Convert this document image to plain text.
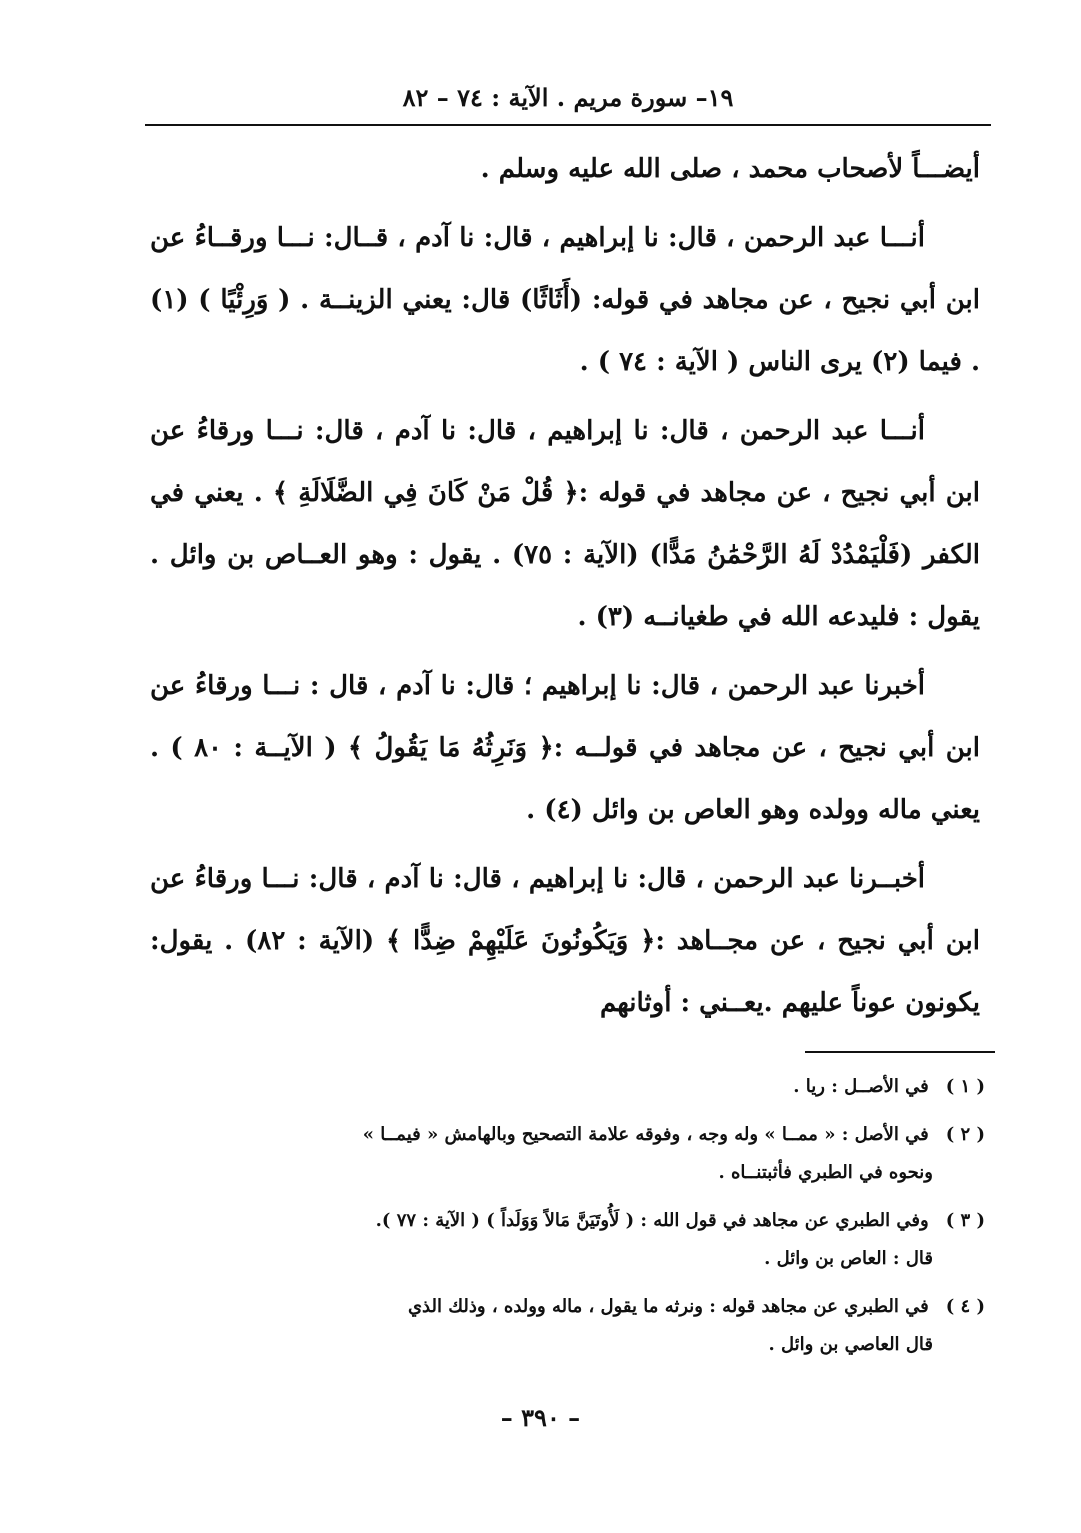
١٩– سورة مريم . الآية : ٧٤ – ٨٢

أيضـــاً لأصحاب محمد ، صلى الله عليه وسلم .

أنـــا عبد الرحمن ، قال: نا إبراهيم ، قال: نا آدم ، قــال: نـــا ورقــاءُ عن ابن أبي نجيح ، عن مجاهد في قوله: (أَثَاثًا) قال: يعني الزينــة . ( وَرِئْيًا ) (١) . فيما (٢) يرى الناس ( الآية : ٧٤ ) .

أنـــا عبد الرحمن ، قال: نا إبراهيم ، قال: نا آدم ، قال: نـــا ورقاءُ عن ابن أبي نجيح ، عن مجاهد في قوله :﴿ قُلْ مَنْ كَانَ فِي الضَّلَالَةِ ﴾ . يعني في الكفر (فَلْيَمْدُدْ لَهُ الرَّحْمَٰنُ مَدًّا) (الآية : ٧٥) . يقول : وهو العــاص بن وائل . يقول : فليدعه الله في طغيانــه (٣) .

أخبرنا عبد الرحمن ، قال: نا إبراهيم ؛ قال: نا آدم ، قال : نـــا ورقاءُ عن ابن أبي نجيح ، عن مجاهد في قولــه :﴿ وَنَرِثُهُ مَا يَقُولُ ﴾ ( الآيــة : ٨٠ ) . يعني ماله وولده وهو العاص بن وائل (٤) .

أخبــرنا عبد الرحمن ، قال: نا إبراهيم ، قال: نا آدم ، قال: نـــا ورقاءُ عن ابن أبي نجيح ، عن مجــاهد :﴿ وَيَكُونُونَ عَلَيْهِمْ ضِدًّا ﴾ (الآية : ٨٢) . يقول: يكونون عوناً عليهم .يعــني : أوثانهم

( ١ ) في الأصــل : ريا .
( ٢ ) في الأصل : « ممــا » وله وجه ، وفوقه علامة التصحيح وبالهامش « فيمــا »
ونحوه في الطبري فأثبتنــاه .
( ٣ ) وفي الطبري عن مجاهد في قول الله : ( لَأُوتَيَنَّ مَالاً وَوَلَداً ) ( الآية : ٧٧ ).
قال : العاص بن وائل .
( ٤ ) في الطبري عن مجاهد قوله : ونرثه ما يقول ، ماله وولده ، وذلك الذي
قال العاصي بن وائل .
– ٣٩٠ –
